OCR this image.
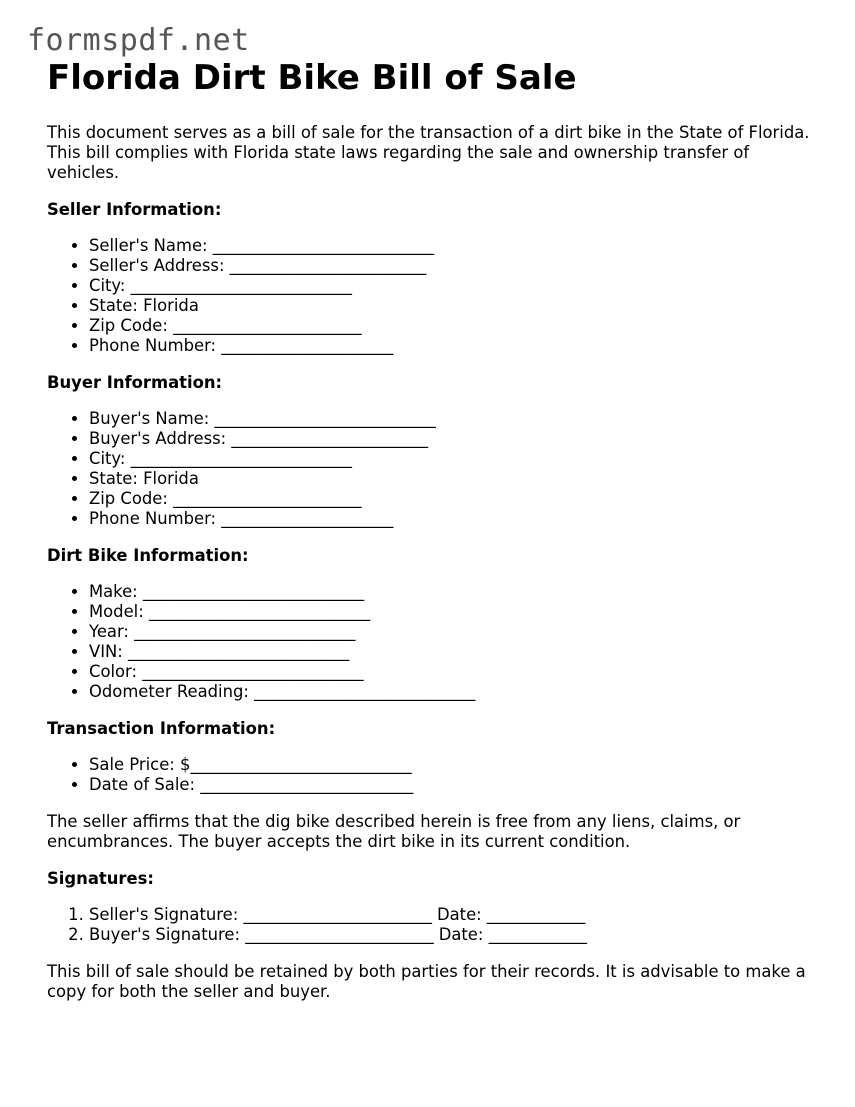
formspdf.net
Florida Dirt Bike Bill of Sale

This document serves as a bill of sale for the transaction of a dirt bike in the State of Florida. This bill complies with Florida state laws regarding the sale and ownership transfer of vehicles.

Seller Information:
• Seller's Name: ___________________________
• Seller's Address: ________________________
• City: ___________________________
• State: Florida
• Zip Code: _______________________
• Phone Number: _____________________
Buyer Information:
• Buyer's Name: ___________________________
• Buyer's Address: ________________________
• City: ___________________________
• State: Florida
• Zip Code: _______________________
• Phone Number: _____________________
Dirt Bike Information:
• Make: ___________________________
• Model: ___________________________
• Year: ___________________________
• VIN: ___________________________
• Color: ___________________________
• Odometer Reading: ___________________________
Transaction Information:
• Sale Price: $___________________________
• Date of Sale: __________________________

The seller affirms that the dig bike described herein is free from any liens, claims, or encumbrances. The buyer accepts the dirt bike in its current condition.

Signatures:
1. Seller's Signature: _______________________ Date: ____________
2. Buyer's Signature: _______________________ Date: ____________

This bill of sale should be retained by both parties for their records. It is advisable to make a copy for both the seller and buyer.
